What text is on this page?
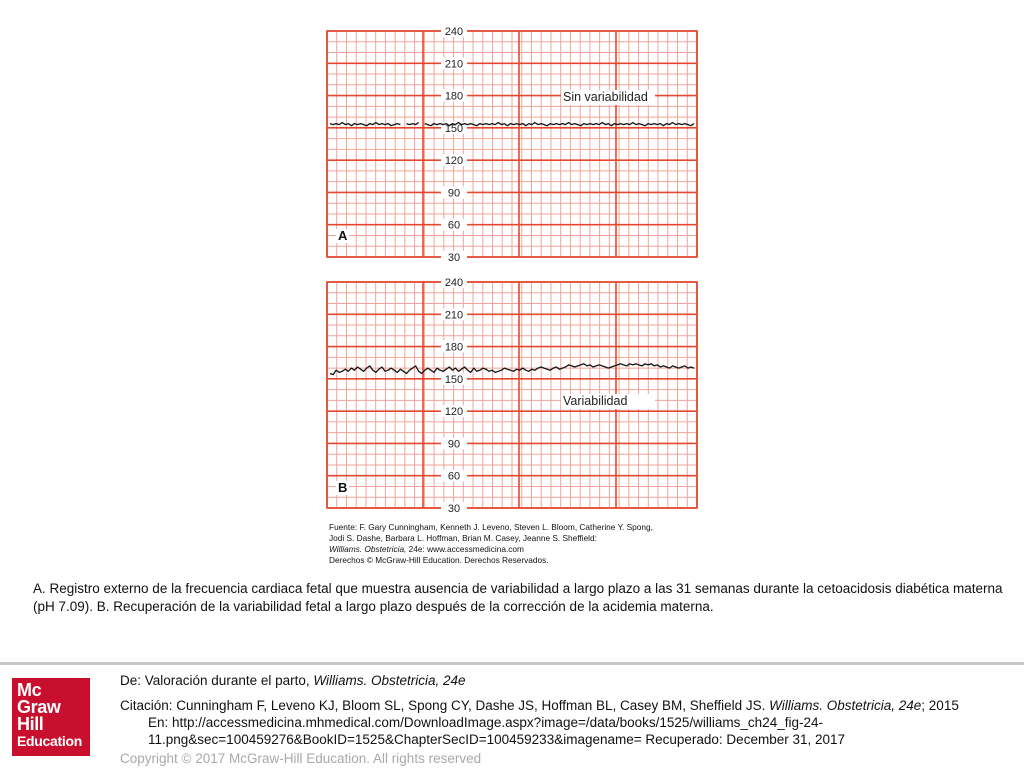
240
210
180
150
120
90
60
30
Sin variabilidad
A
240
210
180
150
120
90
60
30
Variabilidad
B
Fuente: F. Gary Cunningham, Kenneth J. Leveno, Steven L. Bloom, Catherine Y. Spong,
Jodi S. Dashe, Barbara L. Hoffman, Brian M. Casey, Jeanne S. Sheffield:
Williams. Obstetricia, 24e: www.accessmedicina.com
Derechos © McGraw-Hill Education. Derechos Reservados.
A. Registro externo de la frecuencia cardiaca fetal que muestra ausencia de variabilidad a largo plazo a las 31 semanas durante la cetoacidosis diabética materna (pH 7.09). B. Recuperación de la variabilidad fetal a largo plazo después de la corrección de la acidemia materna.
Mc
Graw
Hill
Education
De: Valoración durante el parto, Williams. Obstetricia, 24e
Citación: Cunningham F, Leveno KJ, Bloom SL, Spong CY, Dashe JS, Hoffman BL, Casey BM, Sheffield JS. Williams. Obstetricia, 24e; 2015
En: http://accessmedicina.mhmedical.com/DownloadImage.aspx?image=/data/books/1525/williams_ch24_fig-24-11.png&sec=100459276&BookID=1525&ChapterSecID=100459233&imagename= Recuperado: December 31, 2017
Copyright © 2017 McGraw-Hill Education. All rights reserved
